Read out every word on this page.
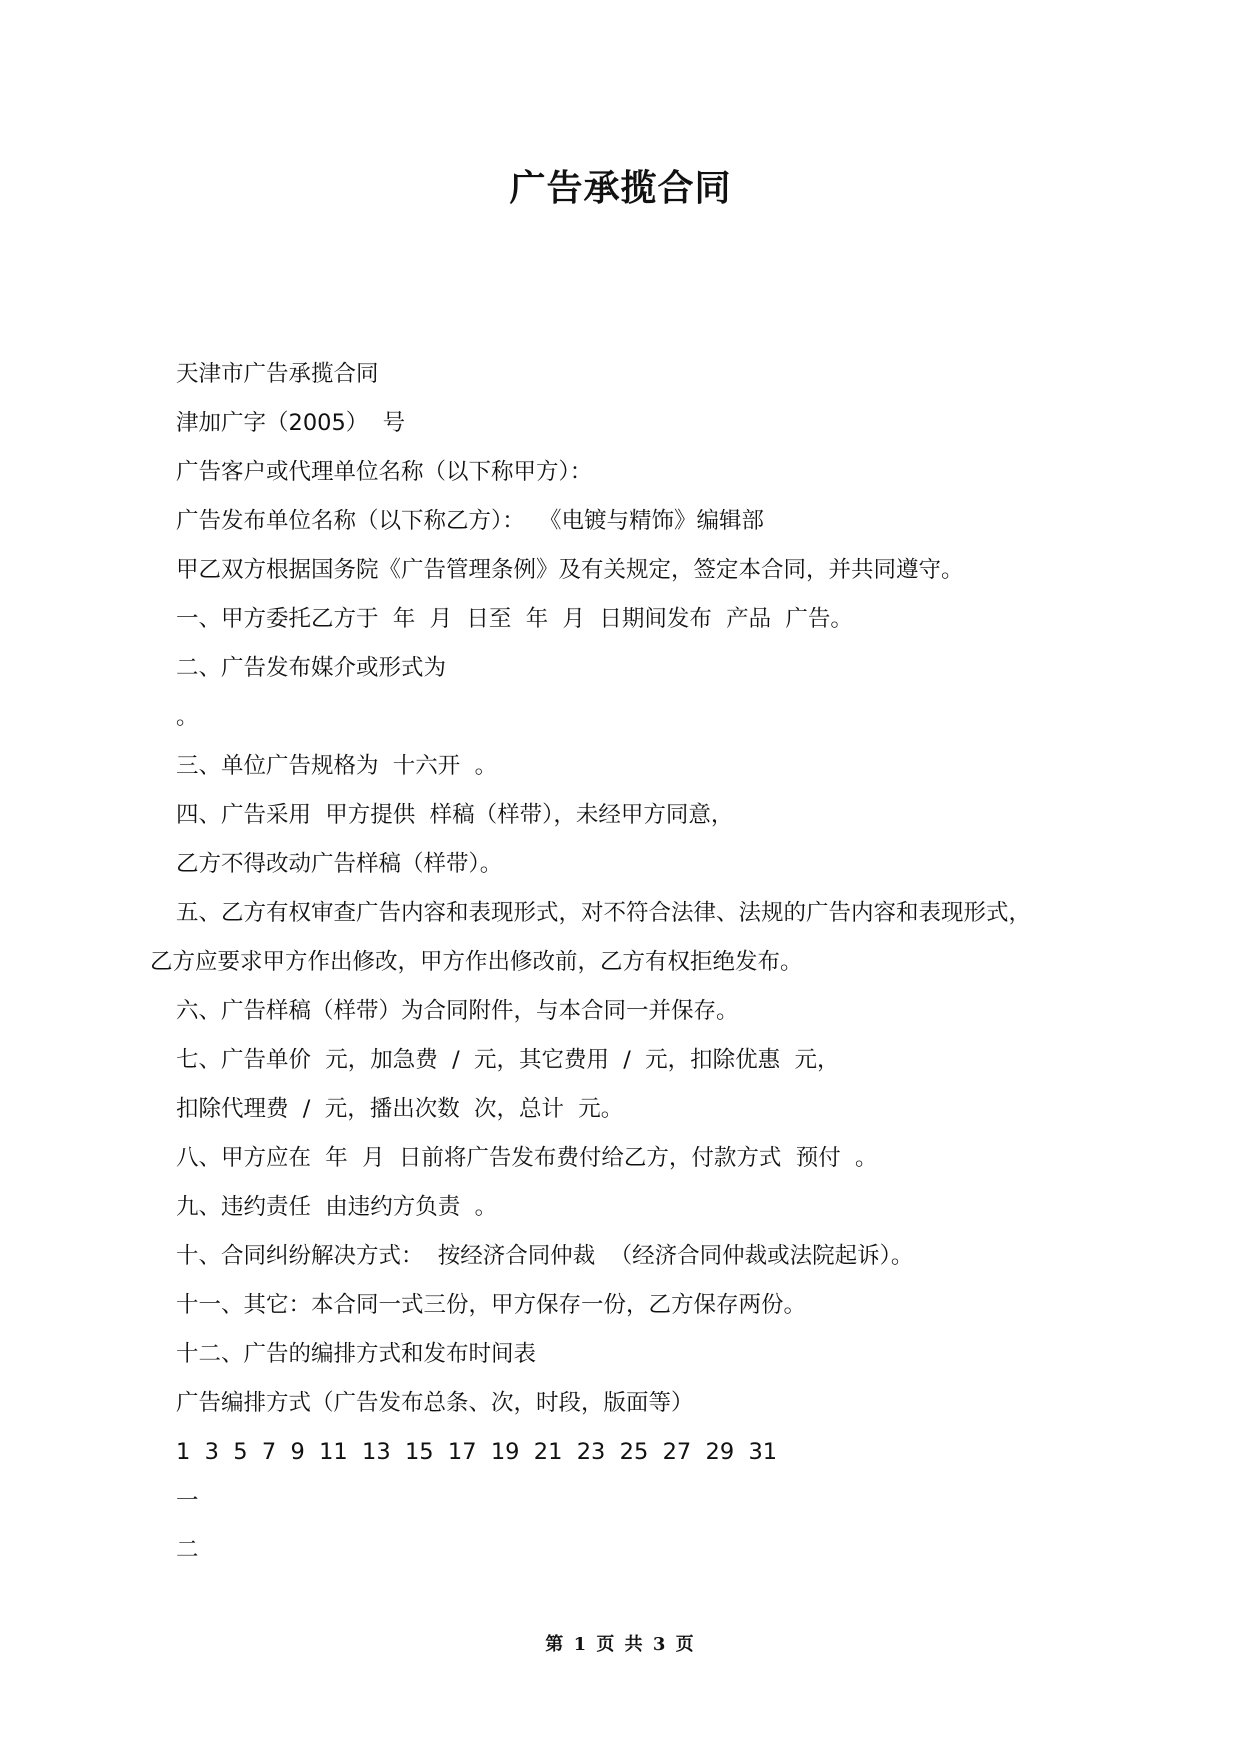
广告承揽合同
天津市广告承揽合同
津加广字（2005）  号
广告客户或代理单位名称（以下称甲方）：
广告发布单位名称（以下称乙方）：  《电镀与精饰》编辑部
甲乙双方根据国务院《广告管理条例》及有关规定，签定本合同，并共同遵守。
一、甲方委托乙方于  年  月  日至  年  月  日期间发布  产品  广告。
二、广告发布媒介或形式为
。
三、单位广告规格为  十六开  。
四、广告采用  甲方提供  样稿（样带），未经甲方同意，
乙方不得改动广告样稿（样带）。
五、乙方有权审查广告内容和表现形式，对不符合法律、法规的广告内容和表现形式，
乙方应要求甲方作出修改，甲方作出修改前，乙方有权拒绝发布。
六、广告样稿（样带）为合同附件，与本合同一并保存。
七、广告单价  元，加急费  /  元，其它费用  /  元，扣除优惠  元，
扣除代理费  /  元，播出次数  次，总计  元。
八、甲方应在  年  月  日前将广告发布费付给乙方，付款方式  预付  。
九、违约责任  由违约方负责  。
十、合同纠纷解决方式：  按经济合同仲裁  （经济合同仲裁或法院起诉）。
十一、其它：本合同一式三份，甲方保存一份，乙方保存两份。
十二、广告的编排方式和发布时间表
广告编排方式（广告发布总条、次，时段，版面等）
1  3  5  7  9  11  13  15  17  19  21  23  25  27  29  31
一
二
第 1 页 共 3 页
